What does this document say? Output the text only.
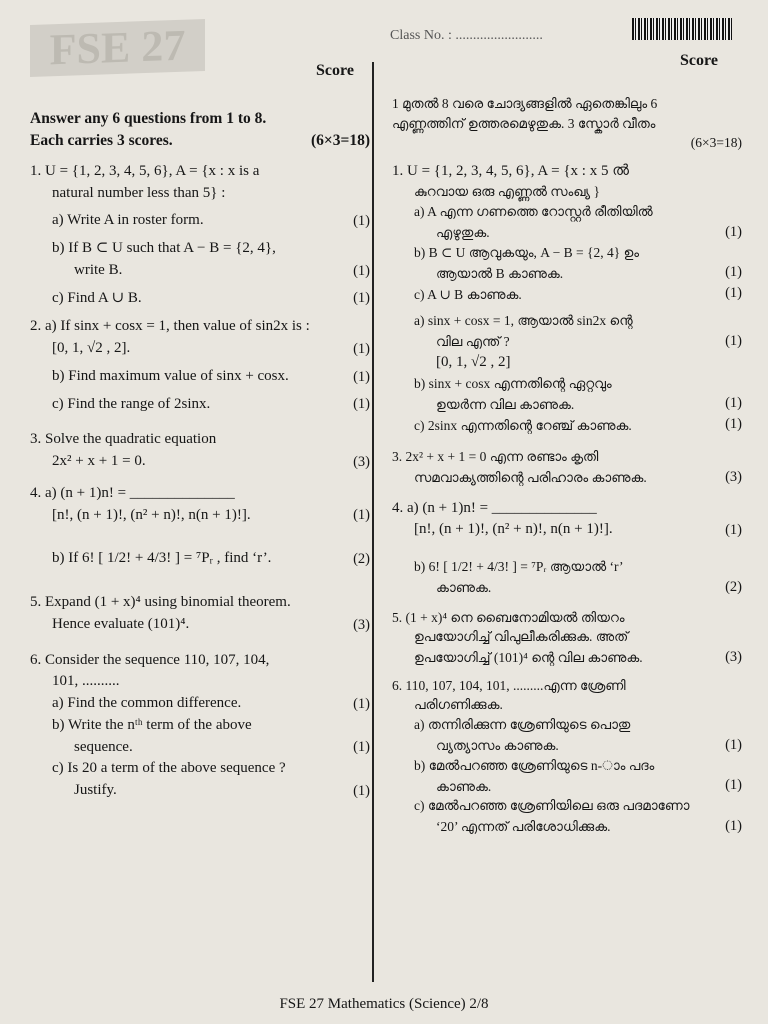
FSE 27	Class No. : .........................
Score
Score
Answer any 6 questions from 1 to 8.
Each carries 3 scores.	(6×3=18)
1. U = {1, 2, 3, 4, 5, 6}, A = {x : x is a
natural number less than 5} :
a) Write A in roster form.	(1)
b) If B ⊂ U such that A − B = {2, 4},
write B.	(1)
c) Find A ∪ B.	(1)
2. a) If sinx + cosx = 1, then value of sin2x is :
[0, 1, √2 , 2].	(1)
b) Find maximum value of sinx + cosx.	(1)
c) Find the range of 2sinx.	(1)
3. Solve the quadratic equation
2x² + x + 1 = 0.	(3)
4. a) (n + 1)n! = ______________
[n!, (n + 1)!, (n² + n)!, n(n + 1)!].	(1)
b) If 6! [ 1/2! + 4/3! ] = ⁷Pᵣ , find ‘r’.	(2)
5. Expand (1 + x)⁴ using binomial theorem.
Hence evaluate (101)⁴.	(3)
6. Consider the sequence 110, 107, 104,
101, ..........
a) Find the common difference.	(1)
b) Write the nᵗʰ term of the above
sequence.	(1)
c) Is 20 a term of the above sequence ?
Justify.	(1)
1 മുതൽ 8 വരെ ചോദ്യങ്ങളിൽ ഏതെങ്കിലും 6
എണ്ണത്തിന് ഉത്തരമെഴുതുക. 3 സ്കോർ വീതം
(6×3=18)
1. U = {1, 2, 3, 4, 5, 6}, A = {x : x 5 ൽ
കുറവായ ഒരു എണ്ണൽ സംഖ്യ }
a) A എന്ന ഗണത്തെ റോസ്റ്റർ രീതിയിൽ
എഴുതുക.	(1)
b) B ⊂ U ആവുകയും, A − B = {2, 4} ഉം
ആയാൽ B കാണുക.	(1)
c) A ∪ B കാണുക.	(1)
a) sinx + cosx = 1, ആയാൽ sin2x ന്റെ
വില എന്ത് ?	(1)
[0, 1, √2 , 2]
b) sinx + cosx എന്നതിന്റെ ഏറ്റവും
ഉയർന്ന വില കാണുക.	(1)
c) 2sinx എന്നതിന്റെ റേഞ്ച് കാണുക.	(1)
3. 2x² + x + 1 = 0 എന്ന രണ്ടാം കൃതി
സമവാക്യത്തിന്റെ പരിഹാരം കാണുക.	(3)
4. a) (n + 1)n! = ______________
[n!, (n + 1)!, (n² + n)!, n(n + 1)!].	(1)
b) 6! [ 1/2! + 4/3! ] = ⁷Pᵣ ആയാൽ ‘r’
കാണുക.	(2)
5. (1 + x)⁴ നെ ബൈനോമിയൽ തിയറം
ഉപയോഗിച്ച് വിപുലീകരിക്കുക. അത്
ഉപയോഗിച്ച് (101)⁴ ന്റെ വില കാണുക.	(3)
6. 110, 107, 104, 101, .........എന്ന ശ്രേണി
പരിഗണിക്കുക.
a) തന്നിരിക്കുന്ന ശ്രേണിയുടെ പൊതു
വ്യത്യാസം കാണുക.	(1)
b) മേൽപറഞ്ഞ ശ്രേണിയുടെ n-ാം പദം
കാണുക.	(1)
c) മേൽപറഞ്ഞ ശ്രേണിയിലെ ഒരു പദമാണോ
‘20’ എന്നത് പരിശോധിക്കുക.	(1)
FSE 27 Mathematics (Science) 2/8
